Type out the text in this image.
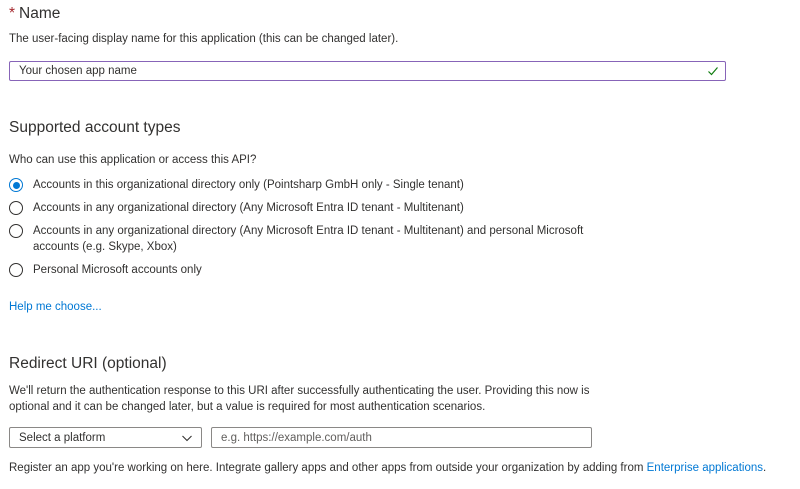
* Name
The user-facing display name for this application (this can be changed later).
Your chosen app name
Supported account types
Who can use this application or access this API?
Accounts in this organizational directory only (Pointsharp GmbH only - Single tenant)
Accounts in any organizational directory (Any Microsoft Entra ID tenant - Multitenant)
Accounts in any organizational directory (Any Microsoft Entra ID tenant - Multitenant) and personal Microsoft
accounts (e.g. Skype, Xbox)
Personal Microsoft accounts only
Help me choose...
Redirect URI (optional)
We'll return the authentication response to this URI after successfully authenticating the user. Providing this now is
optional and it can be changed later, but a value is required for most authentication scenarios.
Select a platform	e.g. https://example.com/auth
Register an app you're working on here. Integrate gallery apps and other apps from outside your organization by adding from Enterprise applications.
